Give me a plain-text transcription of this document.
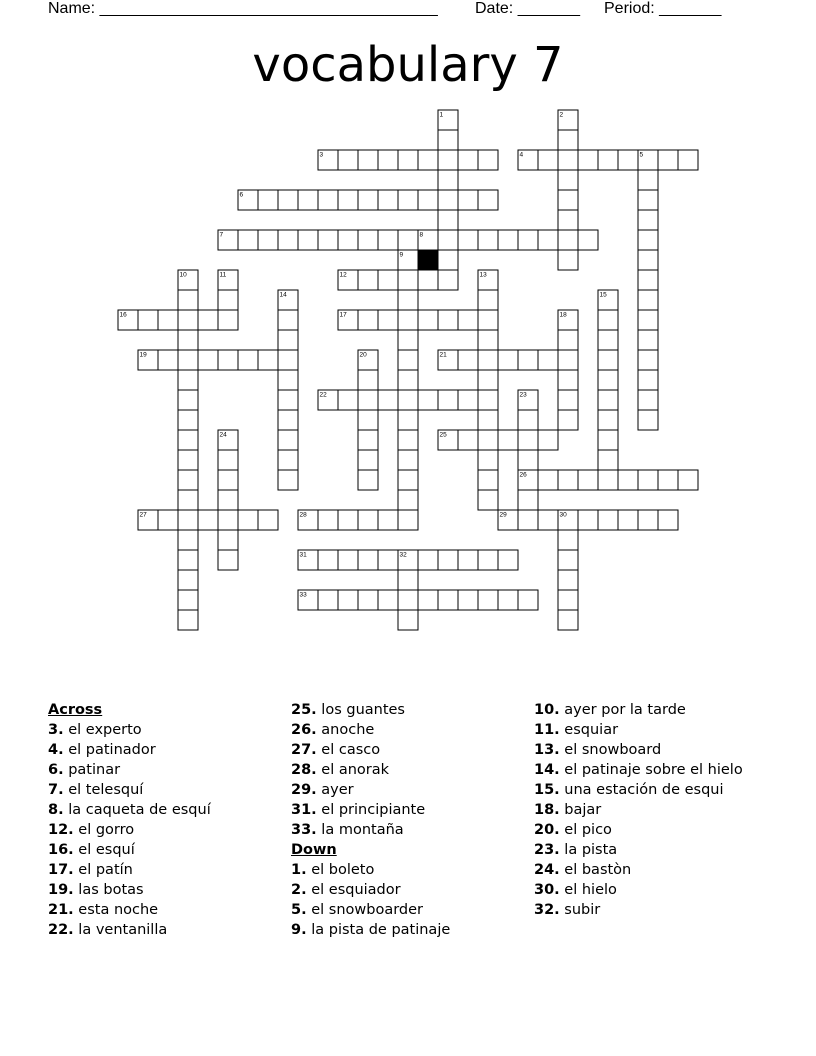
Name: ______________________________________ Date: _______ Period: _______
vocabulary 7
1	2
3	4	5
6
7	8
9
10	11	12	13
14	15
16	17	18
19	20	21
22	23
24	25
26
27	28	29	30
31	32
33
Across
3. el experto
4. el patinador
6. patinar
7. el telesquí
8. la caqueta de esquí
12. el gorro
16. el esquí
17. el patín
19. las botas
21. esta noche
22. la ventanilla
25. los guantes
26. anoche
27. el casco
28. el anorak
29. ayer
31. el principiante
33. la montaña
Down
1. el boleto
2. el esquiador
5. el snowboarder
9. la pista de patinaje
10. ayer por la tarde
11. esquiar
13. el snowboard
14. el patinaje sobre el hielo
15. una estación de esqui
18. bajar
20. el pico
23. la pista
24. el bastòn
30. el hielo
32. subir
